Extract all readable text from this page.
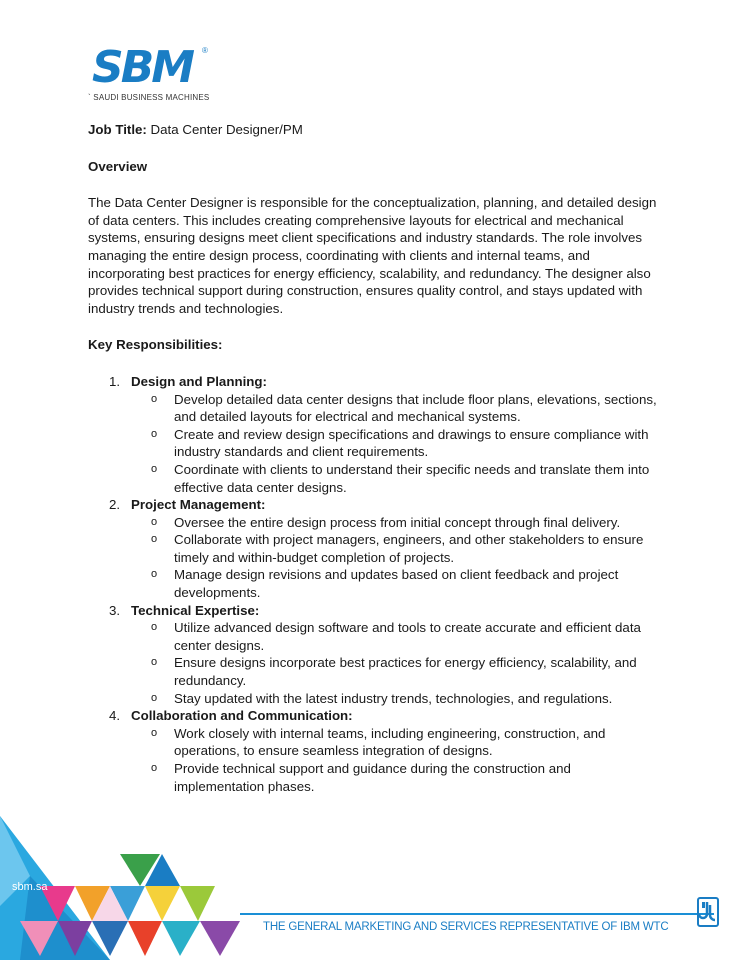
SBM ®
` SAUDI BUSINESS MACHINES
Job Title: Data Center Designer/PM
Overview
The Data Center Designer is responsible for the conceptualization, planning, and detailed design of data centers. This includes creating comprehensive layouts for electrical and mechanical systems, ensuring designs meet client specifications and industry standards. The role involves managing the entire design process, coordinating with clients and internal teams, and incorporating best practices for energy efficiency, scalability, and redundancy. The designer also provides technical support during construction, ensures quality control, and stays updated with industry trends and technologies.
Key Responsibilities:
1. Design and Planning:
o Develop detailed data center designs that include floor plans, elevations, sections, and detailed layouts for electrical and mechanical systems.
o Create and review design specifications and drawings to ensure compliance with industry standards and client requirements.
o Coordinate with clients to understand their specific needs and translate them into effective data center designs.
2. Project Management:
o Oversee the entire design process from initial concept through final delivery.
o Collaborate with project managers, engineers, and other stakeholders to ensure timely and within-budget completion of projects.
o Manage design revisions and updates based on client feedback and project developments.
3. Technical Expertise:
o Utilize advanced design software and tools to create accurate and efficient data center designs.
o Ensure designs incorporate best practices for energy efficiency, scalability, and redundancy.
o Stay updated with the latest industry trends, technologies, and regulations.
4. Collaboration and Communication:
o Work closely with internal teams, including engineering, construction, and operations, to ensure seamless integration of designs.
o Provide technical support and guidance during the construction and implementation phases.
sbm.sa
THE GENERAL MARKETING AND SERVICES REPRESENTATIVE OF IBM WTC
